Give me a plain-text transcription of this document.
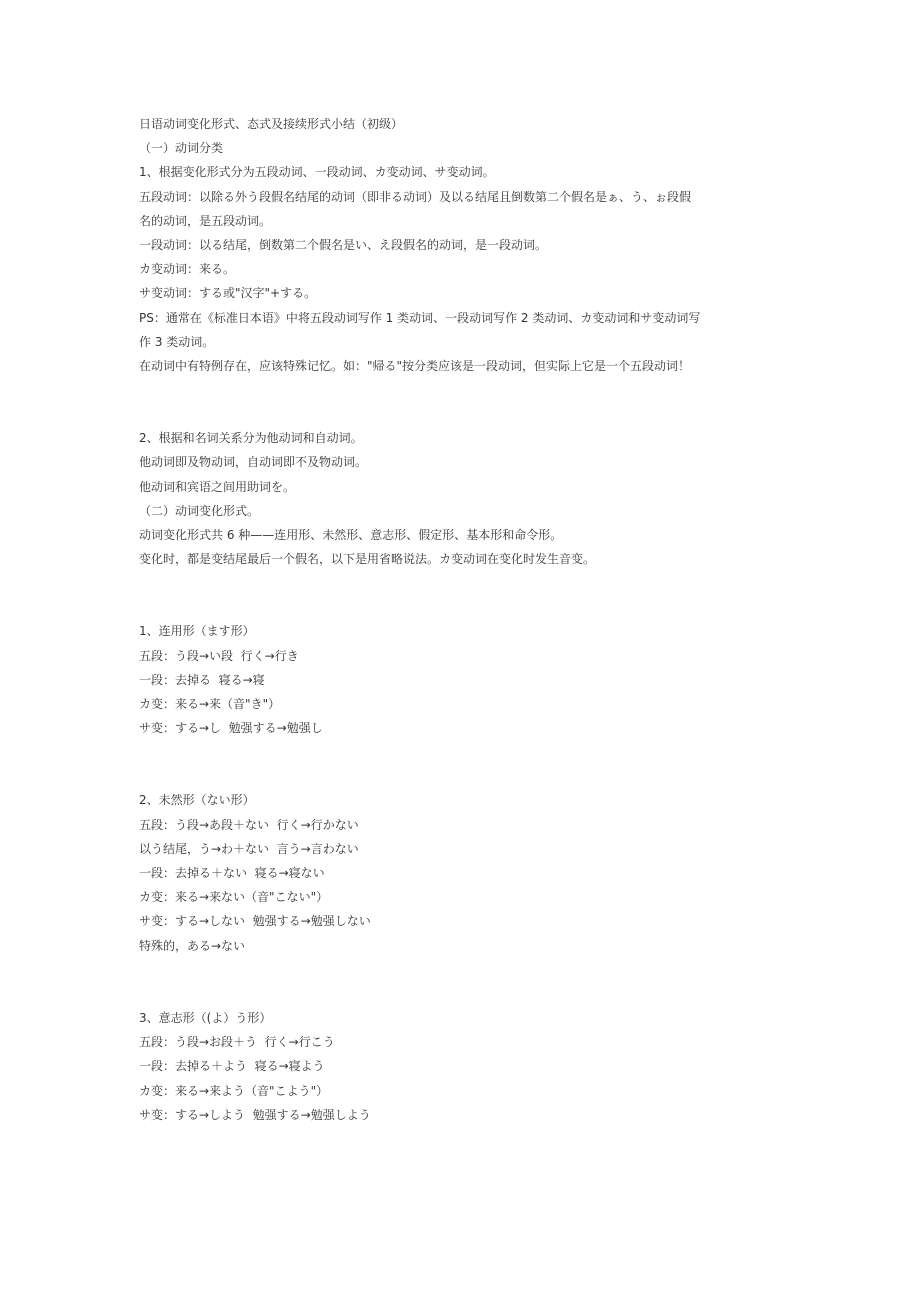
日语动词变化形式、态式及接续形式小结（初级）

（一）动词分类

1、根据变化形式分为五段动词、一段动词、カ变动词、サ变动词。

五段动词：以除る外う段假名结尾的动词（即非る动词）及以る结尾且倒数第二个假名是ぁ、う、ぉ段假

名的动词，是五段动词。

一段动词：以る结尾，倒数第二个假名是い、え段假名的动词，是一段动词。

カ变动词：来る。

サ变动词：する或"汉字"+する。

PS：通常在《标准日本语》中将五段动词写作 1 类动词、一段动词写作 2 类动词、カ变动词和サ变动词写

作 3 类动词。

在动词中有特例存在，应该特殊记忆。如："帰る"按分类应该是一段动词，但实际上它是一个五段动词！

2、根据和名词关系分为他动词和自动词。

他动词即及物动词，自动词即不及物动词。

他动词和宾语之间用助词を。

（二）动词变化形式。

动词变化形式共 6 种——连用形、未然形、意志形、假定形、基本形和命令形。

变化时，都是变结尾最后一个假名，以下是用省略说法。カ变动词在变化时发生音变。

1、连用形（ます形）

五段：う段→い段  行く→行き

一段：去掉る  寝る→寝

カ变：来る→来（音"き"）

サ变：する→し  勉强する→勉强し

2、未然形（ない形）

五段：う段→あ段＋ない  行く→行かない

以う结尾，う→わ＋ない  言う→言わない

一段：去掉る＋ない  寝る→寝ない

カ变：来る→来ない（音"こない"）

サ变：する→しない  勉强する→勉强しない

特殊的，ある→ない

3、意志形（(よ）う形）

五段：う段→お段＋う  行く→行こう

一段：去掉る＋よう  寝る→寝よう

カ变：来る→来よう（音"こよう"）

サ变：する→しよう  勉强する→勉强しよう
